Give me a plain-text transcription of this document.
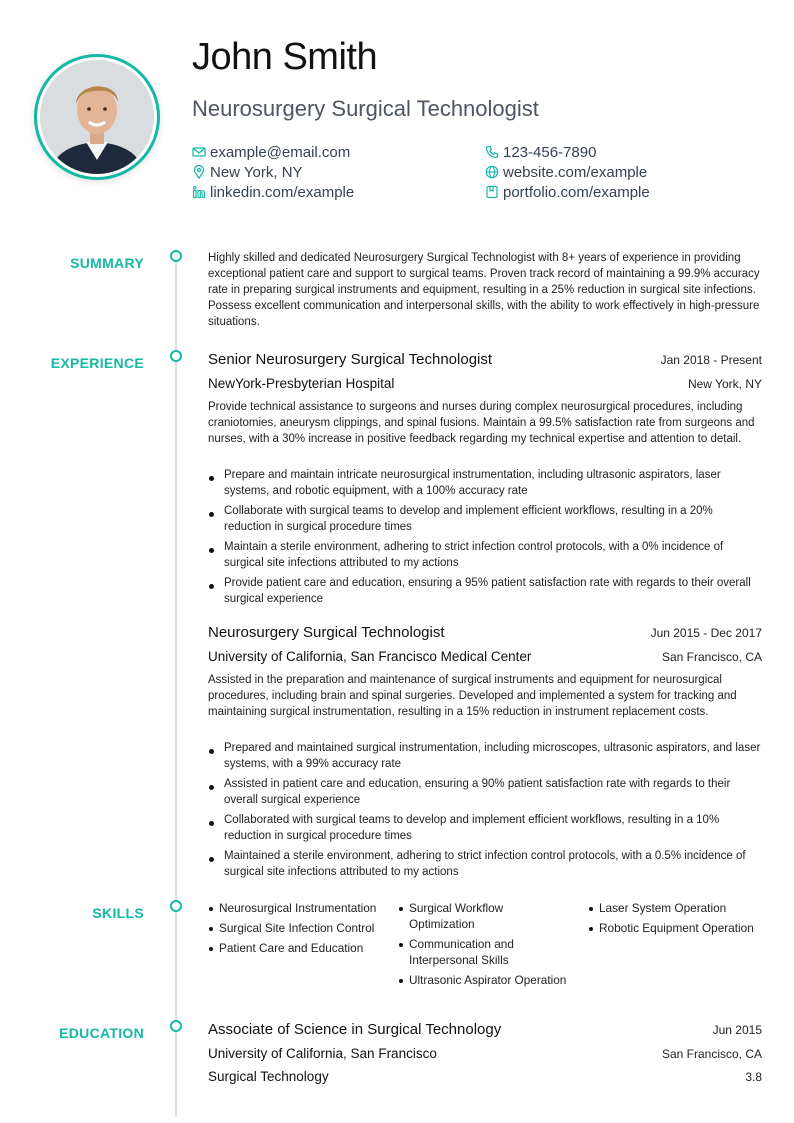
John Smith
Neurosurgery Surgical Technologist
example@email.com
New York, NY
linkedin.com/example
123-456-7890
website.com/example
portfolio.com/example
SUMMARY	Highly skilled and dedicated Neurosurgery Surgical Technologist with 8+ years of experience in providing exceptional patient care and support to surgical teams. Proven track record of maintaining a 99.9% accuracy rate in preparing surgical instruments and equipment, resulting in a 25% reduction in surgical site infections. Possess excellent communication and interpersonal skills, with the ability to work effectively in high-pressure situations.
EXPERIENCE	Senior Neurosurgery Surgical Technologist	Jan 2018 - Present
NewYork-Presbyterian Hospital	New York, NY
Provide technical assistance to surgeons and nurses during complex neurosurgical procedures, including craniotomies, aneurysm clippings, and spinal fusions. Maintain a 99.5% satisfaction rate from surgeons and nurses, with a 30% increase in positive feedback regarding my technical expertise and attention to detail.
Prepare and maintain intricate neurosurgical instrumentation, including ultrasonic aspirators, laser systems, and robotic equipment, with a 100% accuracy rate
Collaborate with surgical teams to develop and implement efficient workflows, resulting in a 20% reduction in surgical procedure times
Maintain a sterile environment, adhering to strict infection control protocols, with a 0% incidence of surgical site infections attributed to my actions
Provide patient care and education, ensuring a 95% patient satisfaction rate with regards to their overall surgical experience
Neurosurgery Surgical Technologist	Jun 2015 - Dec 2017
University of California, San Francisco Medical Center	San Francisco, CA
Assisted in the preparation and maintenance of surgical instruments and equipment for neurosurgical procedures, including brain and spinal surgeries. Developed and implemented a system for tracking and maintaining surgical instrumentation, resulting in a 15% reduction in instrument replacement costs.
Prepared and maintained surgical instrumentation, including microscopes, ultrasonic aspirators, and laser systems, with a 99% accuracy rate
Assisted in patient care and education, ensuring a 90% patient satisfaction rate with regards to their overall surgical experience
Collaborated with surgical teams to develop and implement efficient workflows, resulting in a 10% reduction in surgical procedure times
Maintained a sterile environment, adhering to strict infection control protocols, with a 0.5% incidence of surgical site infections attributed to my actions
SKILLS	Neurosurgical Instrumentation
Surgical Site Infection Control
Patient Care and Education
Surgical Workflow Optimization
Communication and Interpersonal Skills
Ultrasonic Aspirator Operation
Laser System Operation
Robotic Equipment Operation
EDUCATION	Associate of Science in Surgical Technology	Jun 2015
University of California, San Francisco	San Francisco, CA
Surgical Technology	3.8
